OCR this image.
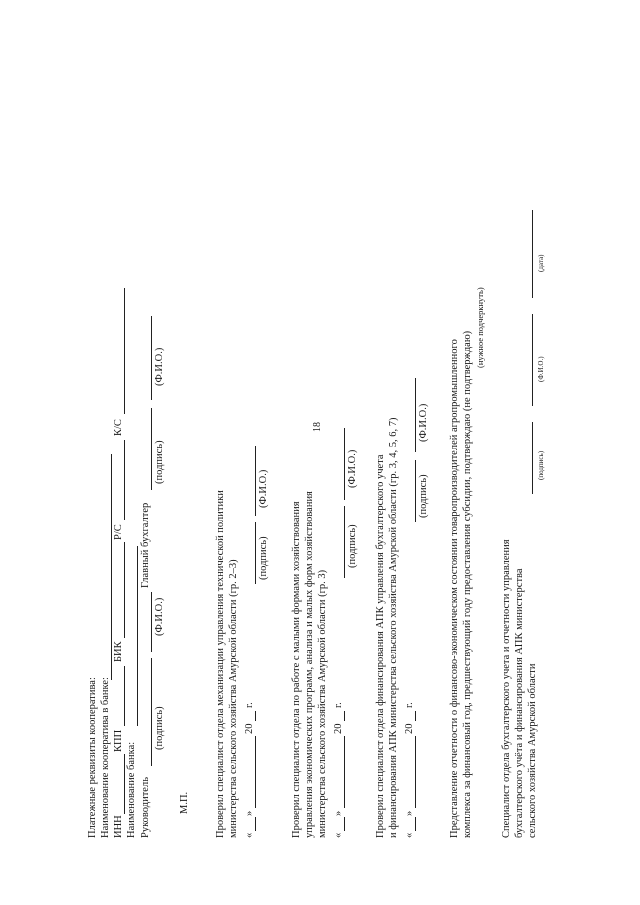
18
Платежные реквизиты кооператива: Наименование кооператива в банке: ИНН
КПП
БИК
Р/С
К/С
Наименование банка: Руководитель
Главный бухгалтер
(подпись)
(Ф.И.О.)
(подпись)
(Ф.И.О.)
М.П. Проверил специалист отдела механизации управления технической политики министерства сельского хозяйства Амурской области (гр. 2–3) «
»
20
г.
(подпись)
(Ф.И.О.)
Проверил специалист отдела по работе с малыми формами хозяйствования управления экономических программ, анализа и малых форм хозяйствования министерства сельского хозяйства Амурской области (гр. 3) «
»
20
г.
(подпись)
(Ф.И.О.) Проверил специалист отдела финансирования АПК управления бухгалтерского учета и финансирования АПК министерства сельского хозяйства Амурской области (гр. 3, 4, 5, 6, 7) «
»
20
г.
(подпись)
(Ф.И.О.) Представление отчетности о финансово-экономическом состоянии товаропроизводителей агропромышленного комплекса за финансовый год, предшествующий году предоставления субсидии, подтверждаю (не подтверждаю)
(нужное подчеркнуть)
Специалист отдела бухгалтерского учета и отчетности управления бухгалтерского учёта и финансирования АПК министерства сельского хозяйства Амурской области
(подпись)
(Ф.И.О.)
(дата)
